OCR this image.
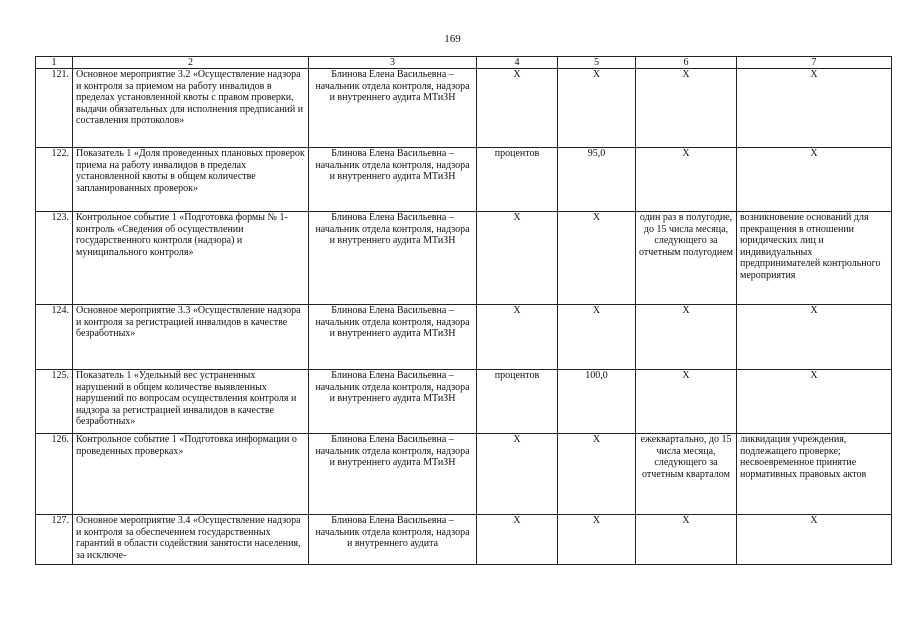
169
1	2	3	4	5	6	7
121.	Основное мероприятие 3.2 «Осуществление надзора и контроля за приемом на работу инвалидов в пределах установленной квоты с правом проверки, выдачи обязательных для исполнения предписаний и составления протоколов»	Блинова Елена Васильевна – начальник отдела контроля, надзора и внутреннего аудита МТиЗН	Х	Х	Х	Х
122.	Показатель 1 «Доля проведенных плановых проверок приема на работу инвалидов в пределах установленной квоты в общем количестве запланированных проверок»	Блинова Елена Васильевна – начальник отдела контроля, надзора и внутреннего аудита МТиЗН	процентов	95,0	Х	Х
123.	Контрольное событие 1 «Подготовка формы № 1-контроль «Сведения об осуществлении государственного контроля (надзора) и муниципального контроля»	Блинова Елена Васильевна – начальник отдела контроля, надзора и внутреннего аудита МТиЗН	Х	Х	один раз в полугодие, до 15 числа месяца, следующего за отчетным полугодием	возникновение оснований для прекращения в отношении юридических лиц и индивидуальных предпринимателей контрольного мероприятия
124.	Основное мероприятие 3.3 «Осуществление надзора и контроля за регистрацией инвалидов в качестве безработных»	Блинова Елена Васильевна – начальник отдела контроля, надзора и внутреннего аудита МТиЗН	Х	Х	Х	Х
125.	Показатель 1 «Удельный вес устраненных нарушений в общем количестве выявленных нарушений по вопросам осуществления контроля и надзора за регистрацией инвалидов в качестве безработных»	Блинова Елена Васильевна – начальник отдела контроля, надзора и внутреннего аудита МТиЗН	процентов	100,0	Х	Х
126.	Контрольное событие 1 «Подготовка информации о проведенных проверках»	Блинова Елена Васильевна – начальник отдела контроля, надзора и внутреннего аудита МТиЗН	Х	Х	ежеквартально, до 15 числа месяца, следующего за отчетным кварталом	ликвидация учреждения, подлежащего проверке; несвоевременное принятие нормативных правовых актов
127.	Основное мероприятие 3.4 «Осуществление надзора и контроля за обеспечением государственных гарантий в области содействия занятости населения, за исключе-	Блинова Елена Васильевна – начальник отдела контроля, надзора и внутреннего аудита	Х	Х	Х	Х
